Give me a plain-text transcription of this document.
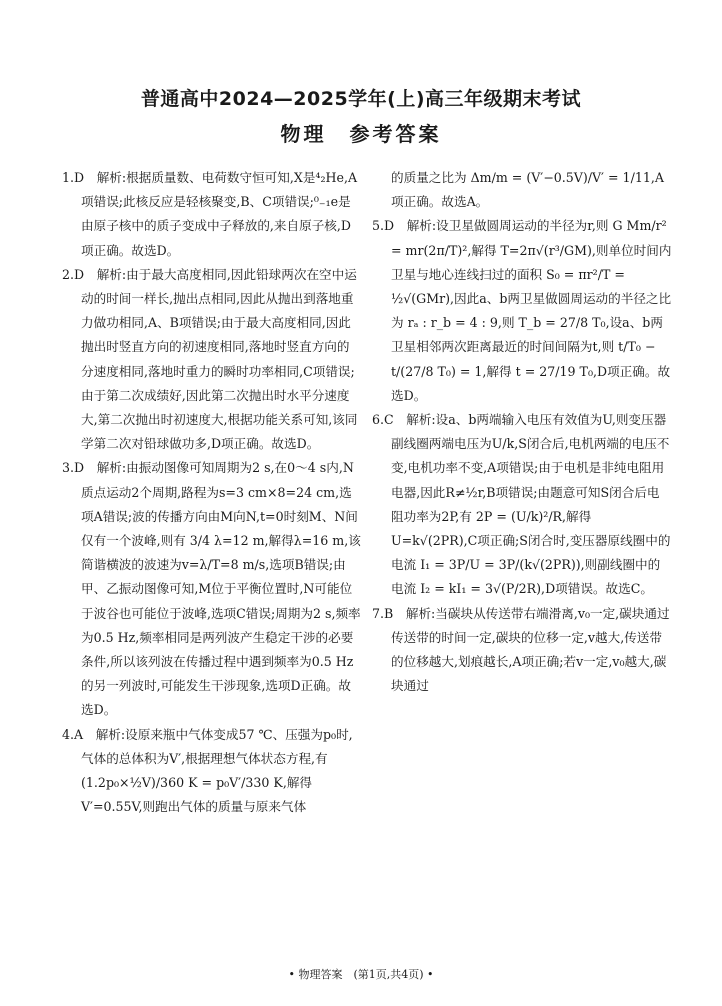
普通高中2024—2025学年(上)高三年级期末考试
物理　参考答案

1.D　解析:根据质量数、电荷数守恒可知,X是⁴₂He,A项错误;此核反应是轻核聚变,B、C项错误;⁰₋₁e是由原子核中的质子变成中子释放的,来自原子核,D项正确。故选D。

2.D　解析:由于最大高度相同,因此铅球两次在空中运动的时间一样长,抛出点相同,因此从抛出到落地重力做功相同,A、B项错误;由于最大高度相同,因此抛出时竖直方向的初速度相同,落地时竖直方向的分速度相同,落地时重力的瞬时功率相同,C项错误;由于第二次成绩好,因此第二次抛出时水平分速度大,第二次抛出时初速度大,根据功能关系可知,该同学第二次对铅球做功多,D项正确。故选D。

3.D　解析:由振动图像可知周期为2 s,在0～4 s内,N质点运动2个周期,路程为s=3 cm×8=24 cm,选项A错误;波的传播方向由M向N,t=0时刻M、N间仅有一个波峰,则有 3/4 λ=12 m,解得λ=16 m,该简谐横波的波速为v=λ/T=8 m/s,选项B错误;由甲、乙振动图像可知,M位于平衡位置时,N可能位于波谷也可能位于波峰,选项C错误;周期为2 s,频率为0.5 Hz,频率相同是两列波产生稳定干涉的必要条件,所以该列波在传播过程中遇到频率为0.5 Hz的另一列波时,可能发生干涉现象,选项D正确。故选D。

4.A　解析:设原来瓶中气体变成57 ℃、压强为p₀时,气体的总体积为V′,根据理想气体状态方程,有 (1.2p₀×½V)/360 K = p₀V′/330 K,解得V′=0.55V,则跑出气体的质量与原来气体

的质量之比为 Δm/m = (V′−0.5V)/V′ = 1/11,A项正确。故选A。

5.D　解析:设卫星做圆周运动的半径为r,则 G Mm/r² = mr(2π/T)²,解得 T=2π√(r³/GM),则单位时间内卫星与地心连线扫过的面积 S₀ = πr²/T = ½√(GMr),因此a、b两卫星做圆周运动的半径之比为 rₐ : r_b = 4 : 9,则 T_b = 27/8 T₀,设a、b两卫星相邻两次距离最近的时间间隔为t,则 t/T₀ − t/(27/8 T₀) = 1,解得 t = 27/19 T₀,D项正确。故选D。

6.C　解析:设a、b两端输入电压有效值为U,则变压器副线圈两端电压为U/k,S闭合后,电机两端的电压不变,电机功率不变,A项错误;由于电机是非纯电阻用电器,因此R≠½r,B项错误;由题意可知S闭合后电阻功率为2P,有 2P = (U/k)²/R,解得 U=k√(2PR),C项正确;S闭合时,变压器原线圈中的电流 I₁ = 3P/U = 3P/(k√(2PR)),则副线圈中的电流 I₂ = kI₁ = 3√(P/2R),D项错误。故选C。

7.B　解析:当碳块从传送带右端滑离,v₀一定,碳块通过传送带的时间一定,碳块的位移一定,v越大,传送带的位移越大,划痕越长,A项正确;若v一定,v₀越大,碳块通过

• 物理答案　(第1页,共4页) •
